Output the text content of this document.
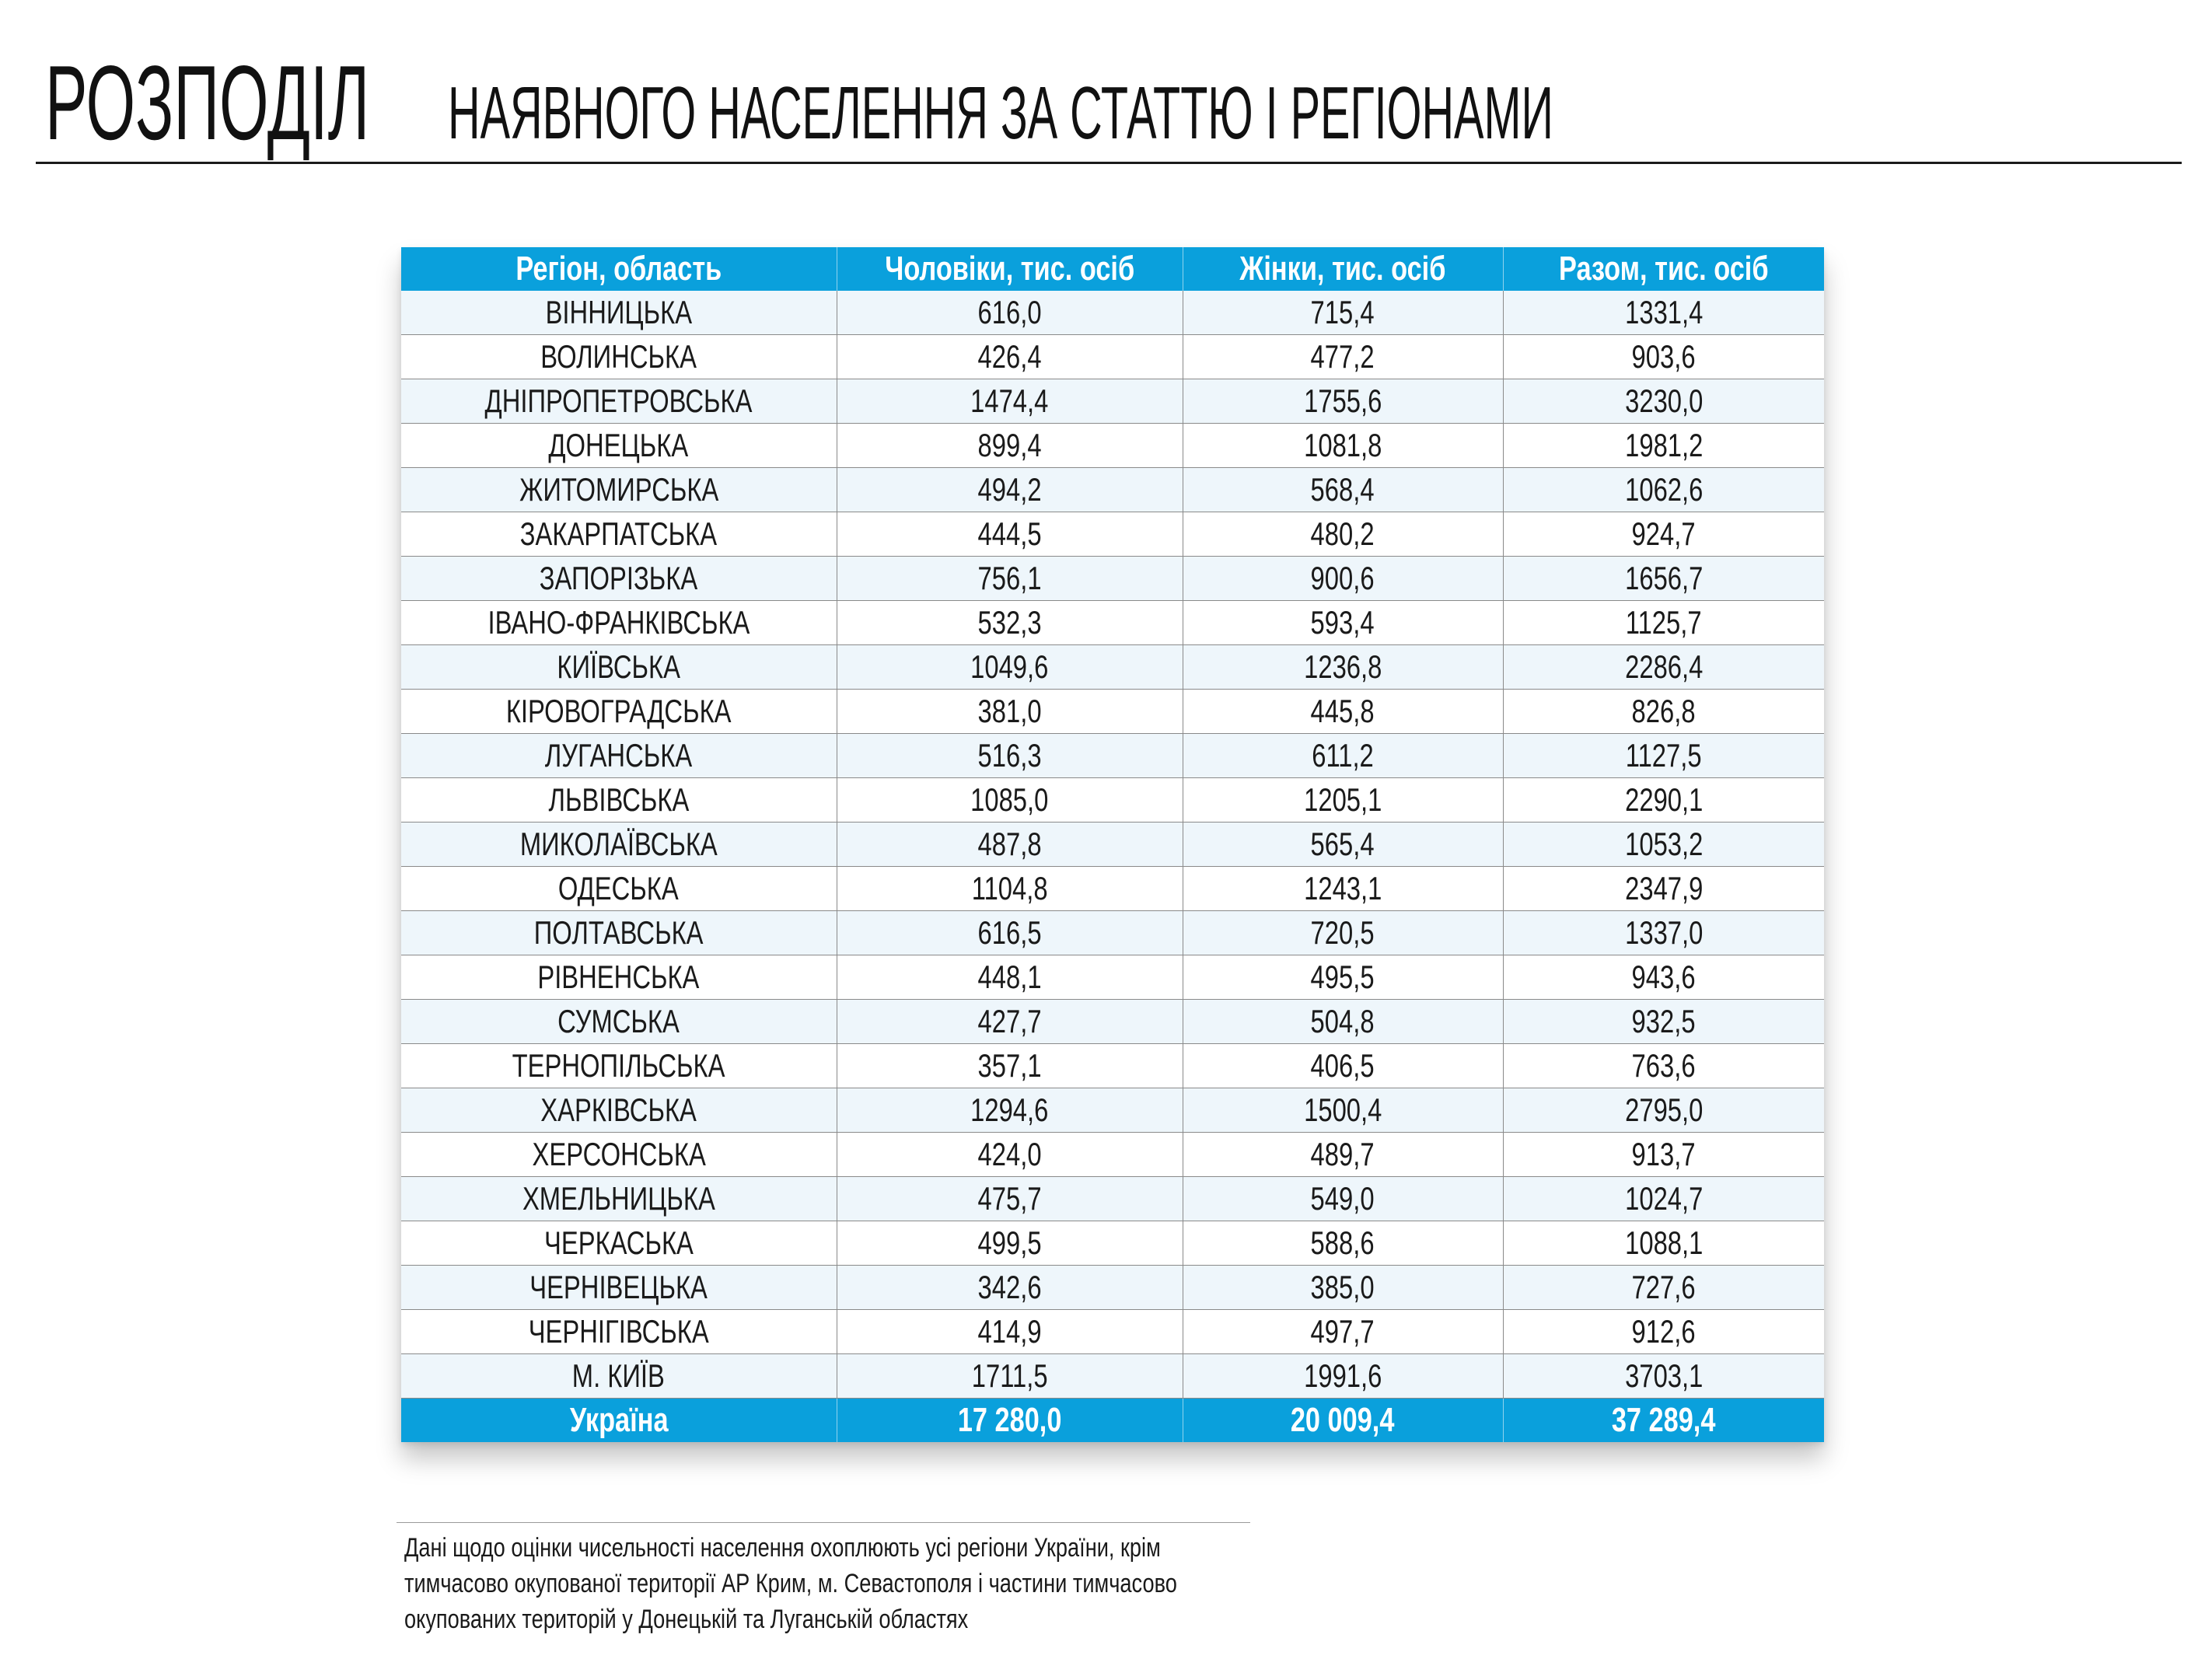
РОЗПОДІЛ НАЯВНОГО НАСЕЛЕННЯ ЗА СТАТТЮ І РЕГІОНАМИ
Регіон, область	Чоловіки, тис. осіб	Жінки, тис. осіб	Разом, тис. осіб
ВІННИЦЬКА	616,0	715,4	1331,4
ВОЛИНСЬКА	426,4	477,2	903,6
ДНІПРОПЕТРОВСЬКА	1474,4	1755,6	3230,0
ДОНЕЦЬКА	899,4	1081,8	1981,2
ЖИТОМИРСЬКА	494,2	568,4	1062,6
ЗАКАРПАТСЬКА	444,5	480,2	924,7
ЗАПОРІЗЬКА	756,1	900,6	1656,7
ІВАНО-ФРАНКІВСЬКА	532,3	593,4	1125,7
КИЇВСЬКА	1049,6	1236,8	2286,4
КІРОВОГРАДСЬКА	381,0	445,8	826,8
ЛУГАНСЬКА	516,3	611,2	1127,5
ЛЬВІВСЬКА	1085,0	1205,1	2290,1
МИКОЛАЇВСЬКА	487,8	565,4	1053,2
ОДЕСЬКА	1104,8	1243,1	2347,9
ПОЛТАВСЬКА	616,5	720,5	1337,0
РІВНЕНСЬКА	448,1	495,5	943,6
СУМСЬКА	427,7	504,8	932,5
ТЕРНОПІЛЬСЬКА	357,1	406,5	763,6
ХАРКІВСЬКА	1294,6	1500,4	2795,0
ХЕРСОНСЬКА	424,0	489,7	913,7
ХМЕЛЬНИЦЬКА	475,7	549,0	1024,7
ЧЕРКАСЬКА	499,5	588,6	1088,1
ЧЕРНІВЕЦЬКА	342,6	385,0	727,6
ЧЕРНІГІВСЬКА	414,9	497,7	912,6
М. КИЇВ	1711,5	1991,6	3703,1
Україна	17 280,0	20 009,4	37 289,4
Дані щодо оцінки чисельності населення охоплюють усі регіони України, крім
тимчасово окупованої території АР Крим, м. Севастополя і частини тимчасово
окупованих територій у Донецькій та Луганській областях
